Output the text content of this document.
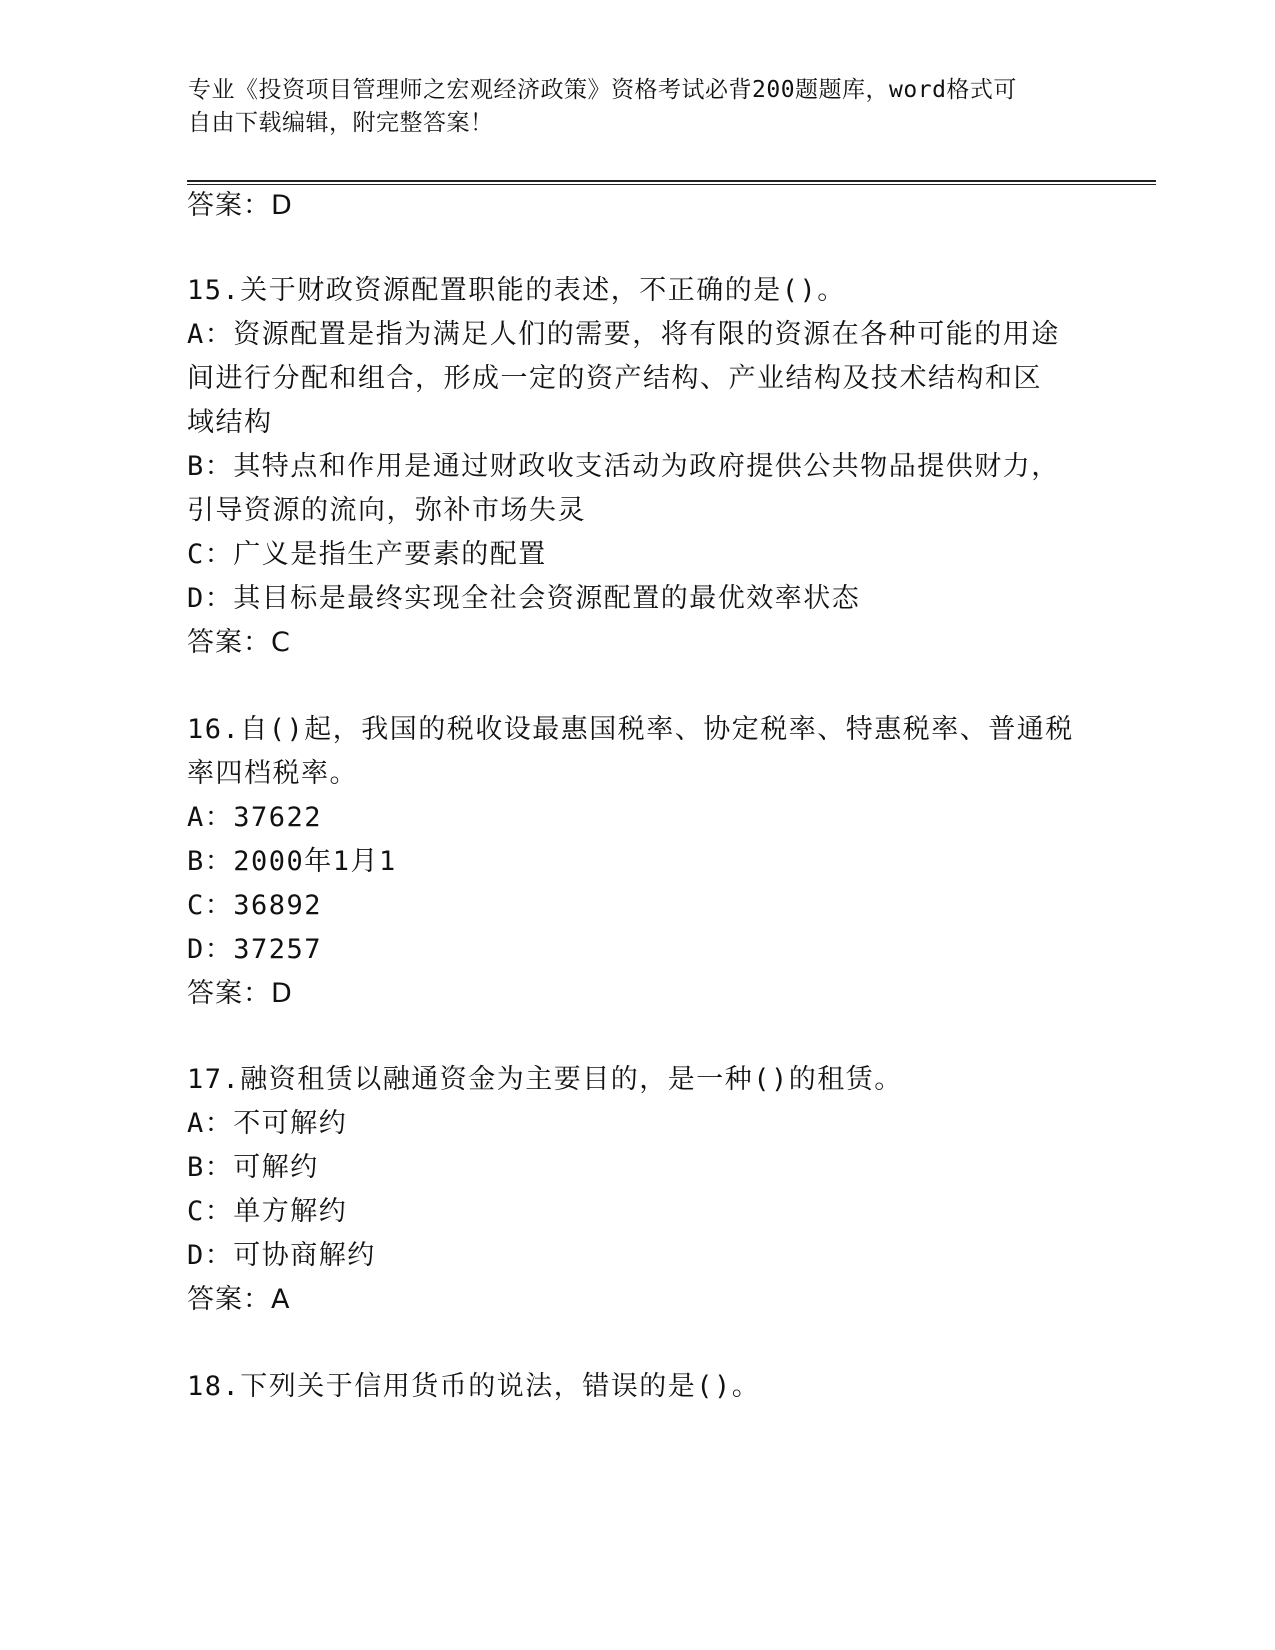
专业《投资项目管理师之宏观经济政策》资格考试必背200题题库，word格式可
自由下载编辑，附完整答案！
答案：D
15.关于财政资源配置职能的表述，不正确的是()。
A：资源配置是指为满足人们的需要，将有限的资源在各种可能的用途
间进行分配和组合，形成一定的资产结构、产业结构及技术结构和区
域结构
B：其特点和作用是通过财政收支活动为政府提供公共物品提供财力，
引导资源的流向，弥补市场失灵
C：广义是指生产要素的配置
D：其目标是最终实现全社会资源配置的最优效率状态
答案：C
16.自()起，我国的税收设最惠国税率、协定税率、特惠税率、普通税
率四档税率。
A：37622
B：2000年1月1
C：36892
D：37257
答案：D
17.融资租赁以融通资金为主要目的，是一种()的租赁。
A：不可解约
B：可解约
C：单方解约
D：可协商解约
答案：A
18.下列关于信用货币的说法，错误的是()。
